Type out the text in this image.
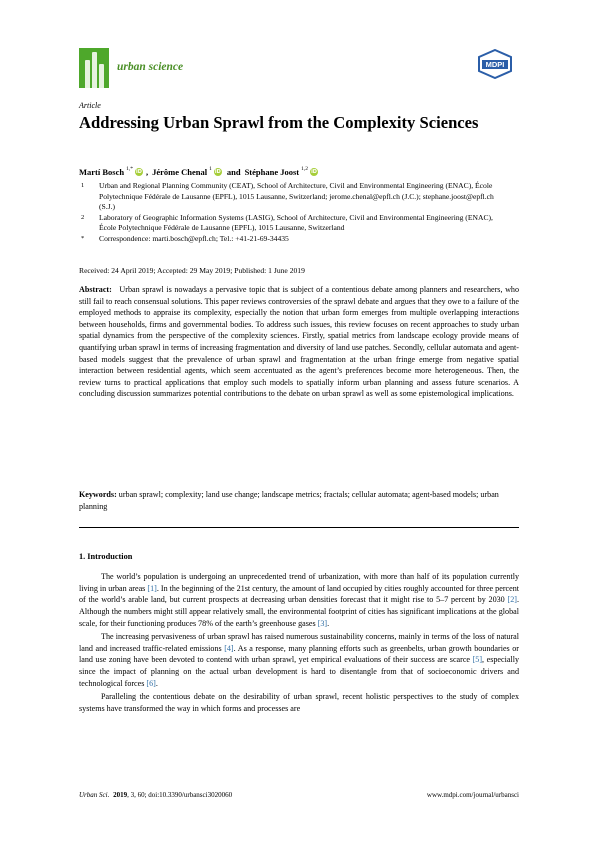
urban science	MDPI
Article
Addressing Urban Sprawl from the Complexity Sciences
Martí Bosch $^{1,*}$ iD , Jérôme Chenal $^1$ iD and Stéphane Joost $^{1,2}$ iD
1	Urban and Regional Planning Community (CEAT), School of Architecture, Civil and Environmental Engineering (ENAC), École Polytechnique Fédérale de Lausanne (EPFL), 1015 Lausanne, Switzerland; jerome.chenal@epfl.ch (J.C.); stephane.joost@epfl.ch (S.J.)
2	Laboratory of Geographic Information Systems (LASIG), School of Architecture, Civil and Environmental Engineering (ENAC), École Polytechnique Fédérale de Lausanne (EPFL), 1015 Lausanne, Switzerland
*	Correspondence: marti.bosch@epfl.ch; Tel.: +41-21-69-34435
Received: 24 April 2019; Accepted: 29 May 2019; Published: 1 June 2019
Abstract: Urban sprawl is nowadays a pervasive topic that is subject of a contentious debate among planners and researchers, who still fail to reach consensual solutions. This paper reviews controversies of the sprawl debate and argues that they owe to a failure of the employed methods to appraise its complexity, especially the notion that urban form emerges from multiple overlapping interactions between households, firms and governmental bodies. To address such issues, this review focuses on recent approaches to study urban spatial dynamics from the perspective of the complexity sciences. Firstly, spatial metrics from landscape ecology provide means of quantifying urban sprawl in terms of increasing fragmentation and diversity of land use patches. Secondly, cellular automata and agent-based models suggest that the prevalence of urban sprawl and fragmentation at the urban fringe emerge from negative spatial interaction between residential agents, which seem accentuated as the agent’s preferences become more heterogeneous. Then, the review turns to practical applications that employ such models to spatially inform urban planning and assess future scenarios. A concluding discussion summarizes potential contributions to the debate on urban sprawl as well as some epistemological implications.
Keywords: urban sprawl; complexity; land use change; landscape metrics; fractals; cellular automata; agent-based models; urban planning
1. Introduction

The world’s population is undergoing an unprecedented trend of urbanization, with more than half of its population currently living in urban areas [1]. In the beginning of the 21st century, the amount of land occupied by cities roughly accounted for three percent of the world’s arable land, but current prospects at decreasing urban densities forecast that it might rise to 5–7 percent by 2030 [2]. Although the numbers might still appear relatively small, the environmental footprint of cities has significant implications at the global scale, for their functioning produces 78% of the earth’s greenhouse gases [3].

The increasing pervasiveness of urban sprawl has raised numerous sustainability concerns, mainly in terms of the loss of natural land and increased traffic-related emissions [4]. As a response, many planning efforts such as greenbelts, urban growth boundaries or land use zoning have been devoted to contend with urban sprawl, yet empirical evaluations of their success are scarce [5], especially since the impact of planning on the actual urban development is hard to disentangle from that of socioeconomic drivers and technological forces [6].

Paralleling the contentious debate on the desirability of urban sprawl, recent holistic perspectives to the study of complex systems have transformed the way in which forms and processes are

Urban Sci. 2019, 3, 60; doi:10.3390/urbansci3020060	www.mdpi.com/journal/urbansci
